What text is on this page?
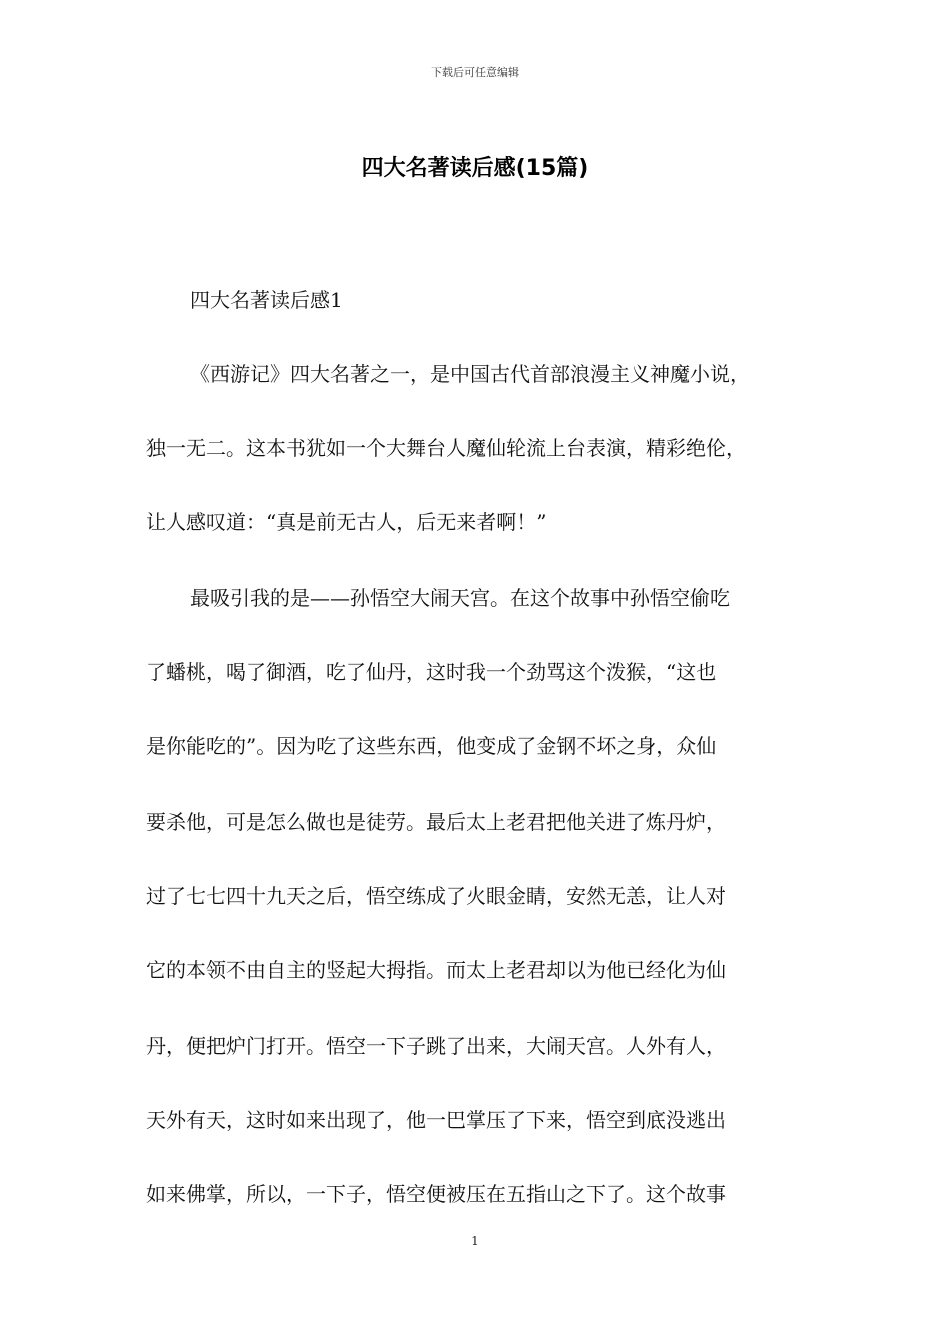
下载后可任意编辑
四大名著读后感(15篇)
四大名著读后感1
《西游记》四大名著之一，是中国古代首部浪漫主义神魔小说，
独一无二。这本书犹如一个大舞台人魔仙轮流上台表演，精彩绝伦，
让人感叹道：“真是前无古人，后无来者啊！”
最吸引我的是——孙悟空大闹天宫。在这个故事中孙悟空偷吃
了蟠桃，喝了御酒，吃了仙丹，这时我一个劲骂这个泼猴，“这也
是你能吃的”。因为吃了这些东西，他变成了金钢不坏之身，众仙
要杀他，可是怎么做也是徒劳。最后太上老君把他关进了炼丹炉，
过了七七四十九天之后，悟空练成了火眼金睛，安然无恙，让人对
它的本领不由自主的竖起大拇指。而太上老君却以为他已经化为仙
丹，便把炉门打开。悟空一下子跳了出来，大闹天宫。人外有人，
天外有天，这时如来出现了，他一巴掌压了下来，悟空到底没逃出
如来佛掌，所以，一下子，悟空便被压在五指山之下了。这个故事
1
